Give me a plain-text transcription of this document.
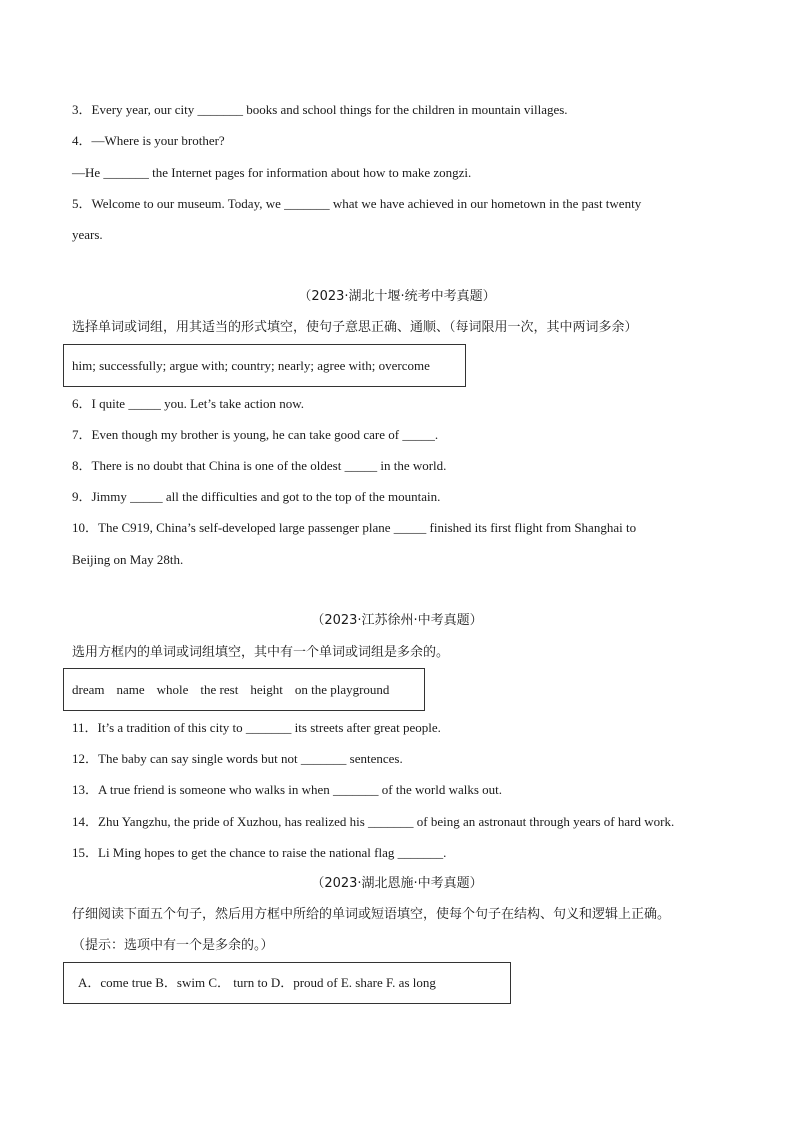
3．Every year, our city _______ books and school things for the children in mountain villages.
4．—Where is your brother?
—He _______ the Internet pages for information about how to make zongzi.
5．Welcome to our museum. Today, we _______ what we have achieved in our hometown in the past twenty
years.
（2023·湖北十堰·统考中考真题）
选择单词或词组，用其适当的形式填空，使句子意思正确、通顺、（每词限用一次，其中两词多余）
him; successfully; argue with; country; nearly; agree with; overcome
6．I quite _____ you. Let’s take action now.
7．Even though my brother is young, he can take good care of _____.
8．There is no doubt that China is one of the oldest _____ in the world.
9．Jimmy _____ all the difficulties and got to the top of the mountain.
10．The C919, China’s self-developed large passenger plane _____ finished its first flight from Shanghai to
Beijing on May 28th.
（2023·江苏徐州·中考真题）
选用方框内的单词或词组填空，其中有一个单词或词组是多余的。
dream name whole the rest height on the playground
11．It’s a tradition of this city to _______ its streets after great people.
12．The baby can say single words but not _______ sentences.
13．A true friend is someone who walks in when _______ of the world walks out.
14．Zhu Yangzhu, the pride of Xuzhou, has realized his _______ of being an astronaut through years of hard work.
15．Li Ming hopes to get the chance to raise the national flag _______.
（2023·湖北恩施·中考真题）
仔细阅读下面五个句子，然后用方框中所给的单词或短语填空，使每个句子在结构、句义和逻辑上正确。
（提示：选项中有一个是多余的。）
A．come true B．swim C． turn to D．proud of E. share F. as long
